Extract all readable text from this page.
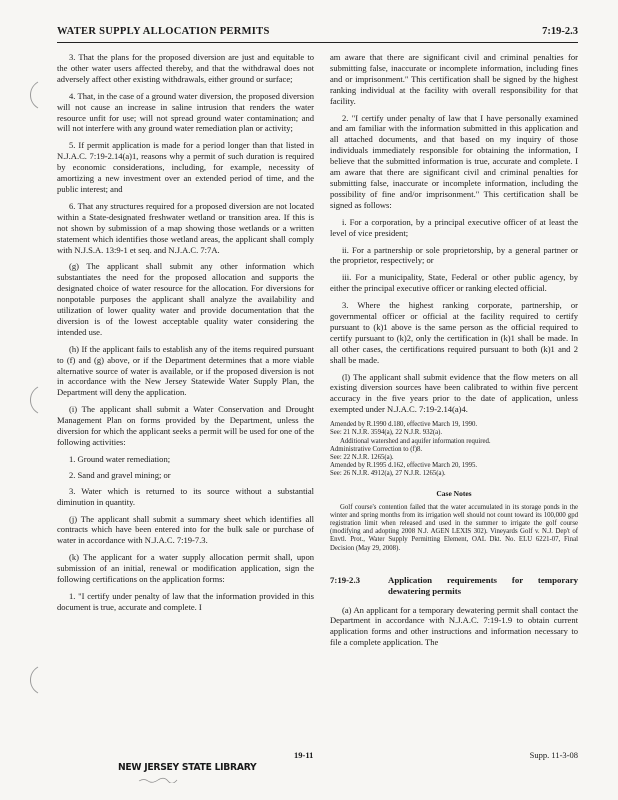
WATER SUPPLY ALLOCATION PERMITS	7:19-2.3

3. That the plans for the proposed diversion are just and equitable to the other water users affected thereby, and that the withdrawal does not adversely affect other existing withdrawals, either ground or surface;

4. That, in the case of a ground water diversion, the proposed diversion will not cause an increase in saline intrusion that renders the water resource unfit for use; will not spread ground water contamination; and will not interfere with any ground water remediation plan or activity;

5. If permit application is made for a period longer than that listed in N.J.A.C. 7:19-2.14(a)1, reasons why a permit of such duration is required by economic considerations, including, for example, necessity of amortizing a new investment over an extended period of time, and the public interest; and

6. That any structures required for a proposed diversion are not located within a State-designated freshwater wetland or transition area. If this is not shown by submission of a map showing those wetlands or a written statement which identifies those wetland areas, the applicant shall comply with N.J.S.A. 13:9-1 et seq. and N.J.A.C. 7:7A.

(g) The applicant shall submit any other information which substantiates the need for the proposed allocation and supports the designated choice of water resource for the allocation. For diversions for nonpotable purposes the applicant shall analyze the availability and utilization of lower quality water and provide documentation that the diversion is of the lowest acceptable quality water considering the intended use.

(h) If the applicant fails to establish any of the items required pursuant to (f) and (g) above, or if the Department determines that a more viable alternative source of water is available, or if the proposed diversion is not in accordance with the New Jersey Statewide Water Supply Plan, the Department will deny the application.

(i) The applicant shall submit a Water Conservation and Drought Management Plan on forms provided by the Department, unless the diversion for which the applicant seeks a permit will be used for one of the following activities:

1. Ground water remediation;

2. Sand and gravel mining; or

3. Water which is returned to its source without a substantial diminution in quantity.

(j) The applicant shall submit a summary sheet which identifies all contracts which have been entered into for the bulk sale or purchase of water in accordance with N.J.A.C. 7:19-7.3.

(k) The applicant for a water supply allocation permit shall, upon submission of an initial, renewal or modification application, sign the following certifications on the application forms:

1. "I certify under penalty of law that the information provided in this document is true, accurate and complete. I

am aware that there are significant civil and criminal penalties for submitting false, inaccurate or incomplete information, including fines and or imprisonment." This certification shall be signed by the highest ranking individual at the facility with overall responsibility for that facility.

2. "I certify under penalty of law that I have personally examined and am familiar with the information submitted in this application and all attached documents, and that based on my inquiry of those individuals immediately responsible for obtaining the information, I believe that the submitted information is true, accurate and complete. I am aware that there are significant civil and criminal penalties for submitting false, inaccurate or incomplete information, including the possibility of fine and/or imprisonment." This certification shall be signed as follows:

i. For a corporation, by a principal executive officer of at least the level of vice president;

ii. For a partnership or sole proprietorship, by a general partner or the proprietor, respectively; or

iii. For a municipality, State, Federal or other public agency, by either the principal executive officer or ranking elected official.

3. Where the highest ranking corporate, partnership, or governmental officer or official at the facility required to certify pursuant to (k)1 above is the same person as the official required to certify pursuant to (k)2, only the certification in (k)1 shall be made. In all other cases, the certifications required pursuant to both (k)1 and 2 shall be made.

(l) The applicant shall submit evidence that the flow meters on all existing diversion sources have been calibrated to within five percent accuracy in the five years prior to the date of application, unless exempted under N.J.A.C. 7:19-2.14(a)4.

Amended by R.1990 d.180, effective March 19, 1990.
See: 21 N.J.R. 3594(a), 22 N.J.R. 932(a).
Additional watershed and aquifer information required.
Administrative Correction to (f)8.
See: 22 N.J.R. 1265(a).
Amended by R.1995 d.162, effective March 20, 1995.
See: 26 N.J.R. 4912(a), 27 N.J.R. 1265(a).
Case Notes

Golf course's contention failed that the water accumulated in its storage ponds in the winter and spring months from its irrigation well should not count toward its 100,000 gpd registration limit when released and used in the summer to irrigate the golf course (modifying and adopting 2008 N.J. AGEN LEXIS 302). Vineyards Golf v. N.J. Dep't of Envtl. Prot., Water Supply Permitting Element, OAL Dkt. No. ELU 6221-07, Final Decision (May 29, 2008).

7:19-2.3	Application requirements for temporary dewatering permits

(a) An applicant for a temporary dewatering permit shall contact the Department in accordance with N.J.A.C. 7:19-1.9 to obtain current application forms and other instructions and information necessary to file a complete application. The

19-11	Supp. 11-3-08
NEW JERSEY STATE LIBRARY
